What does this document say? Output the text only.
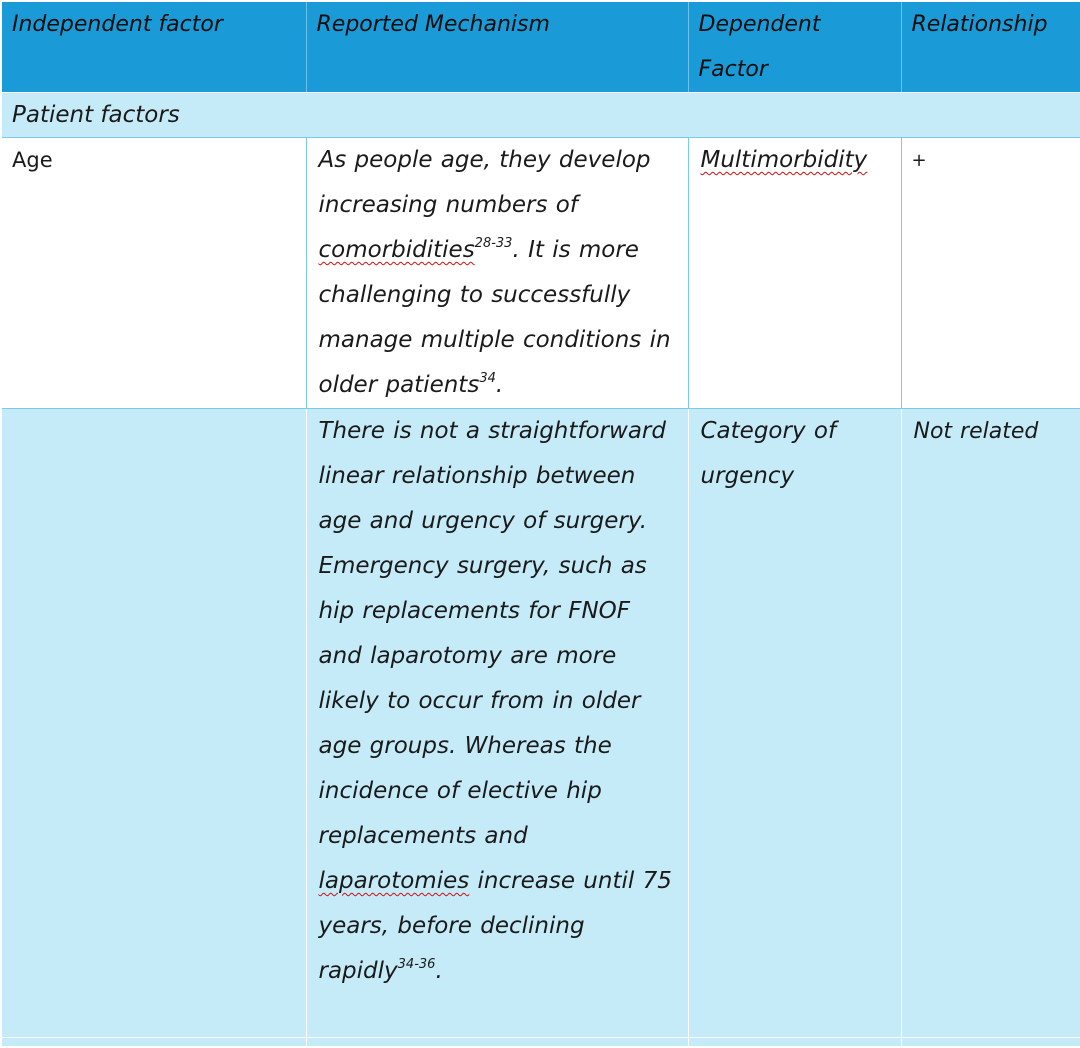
Independent factor	Reported Mechanism	Dependent Factor	Relationship
Patient factors			
Age	As people age, they develop increasing numbers of comorbidities$^{28-33}$. It is more challenging to successfully manage multiple conditions in older patients$^{34}$.	Multimorbidity	+
	There is not a straightforward linear relationship between age and urgency of surgery. Emergency surgery, such as hip replacements for FNOF and laparotomy are more likely to occur from in older age groups. Whereas the incidence of elective hip replacements and laparotomies increase until 75 years, before declining rapidly$^{34-36}$.	Category of urgency	Not related
